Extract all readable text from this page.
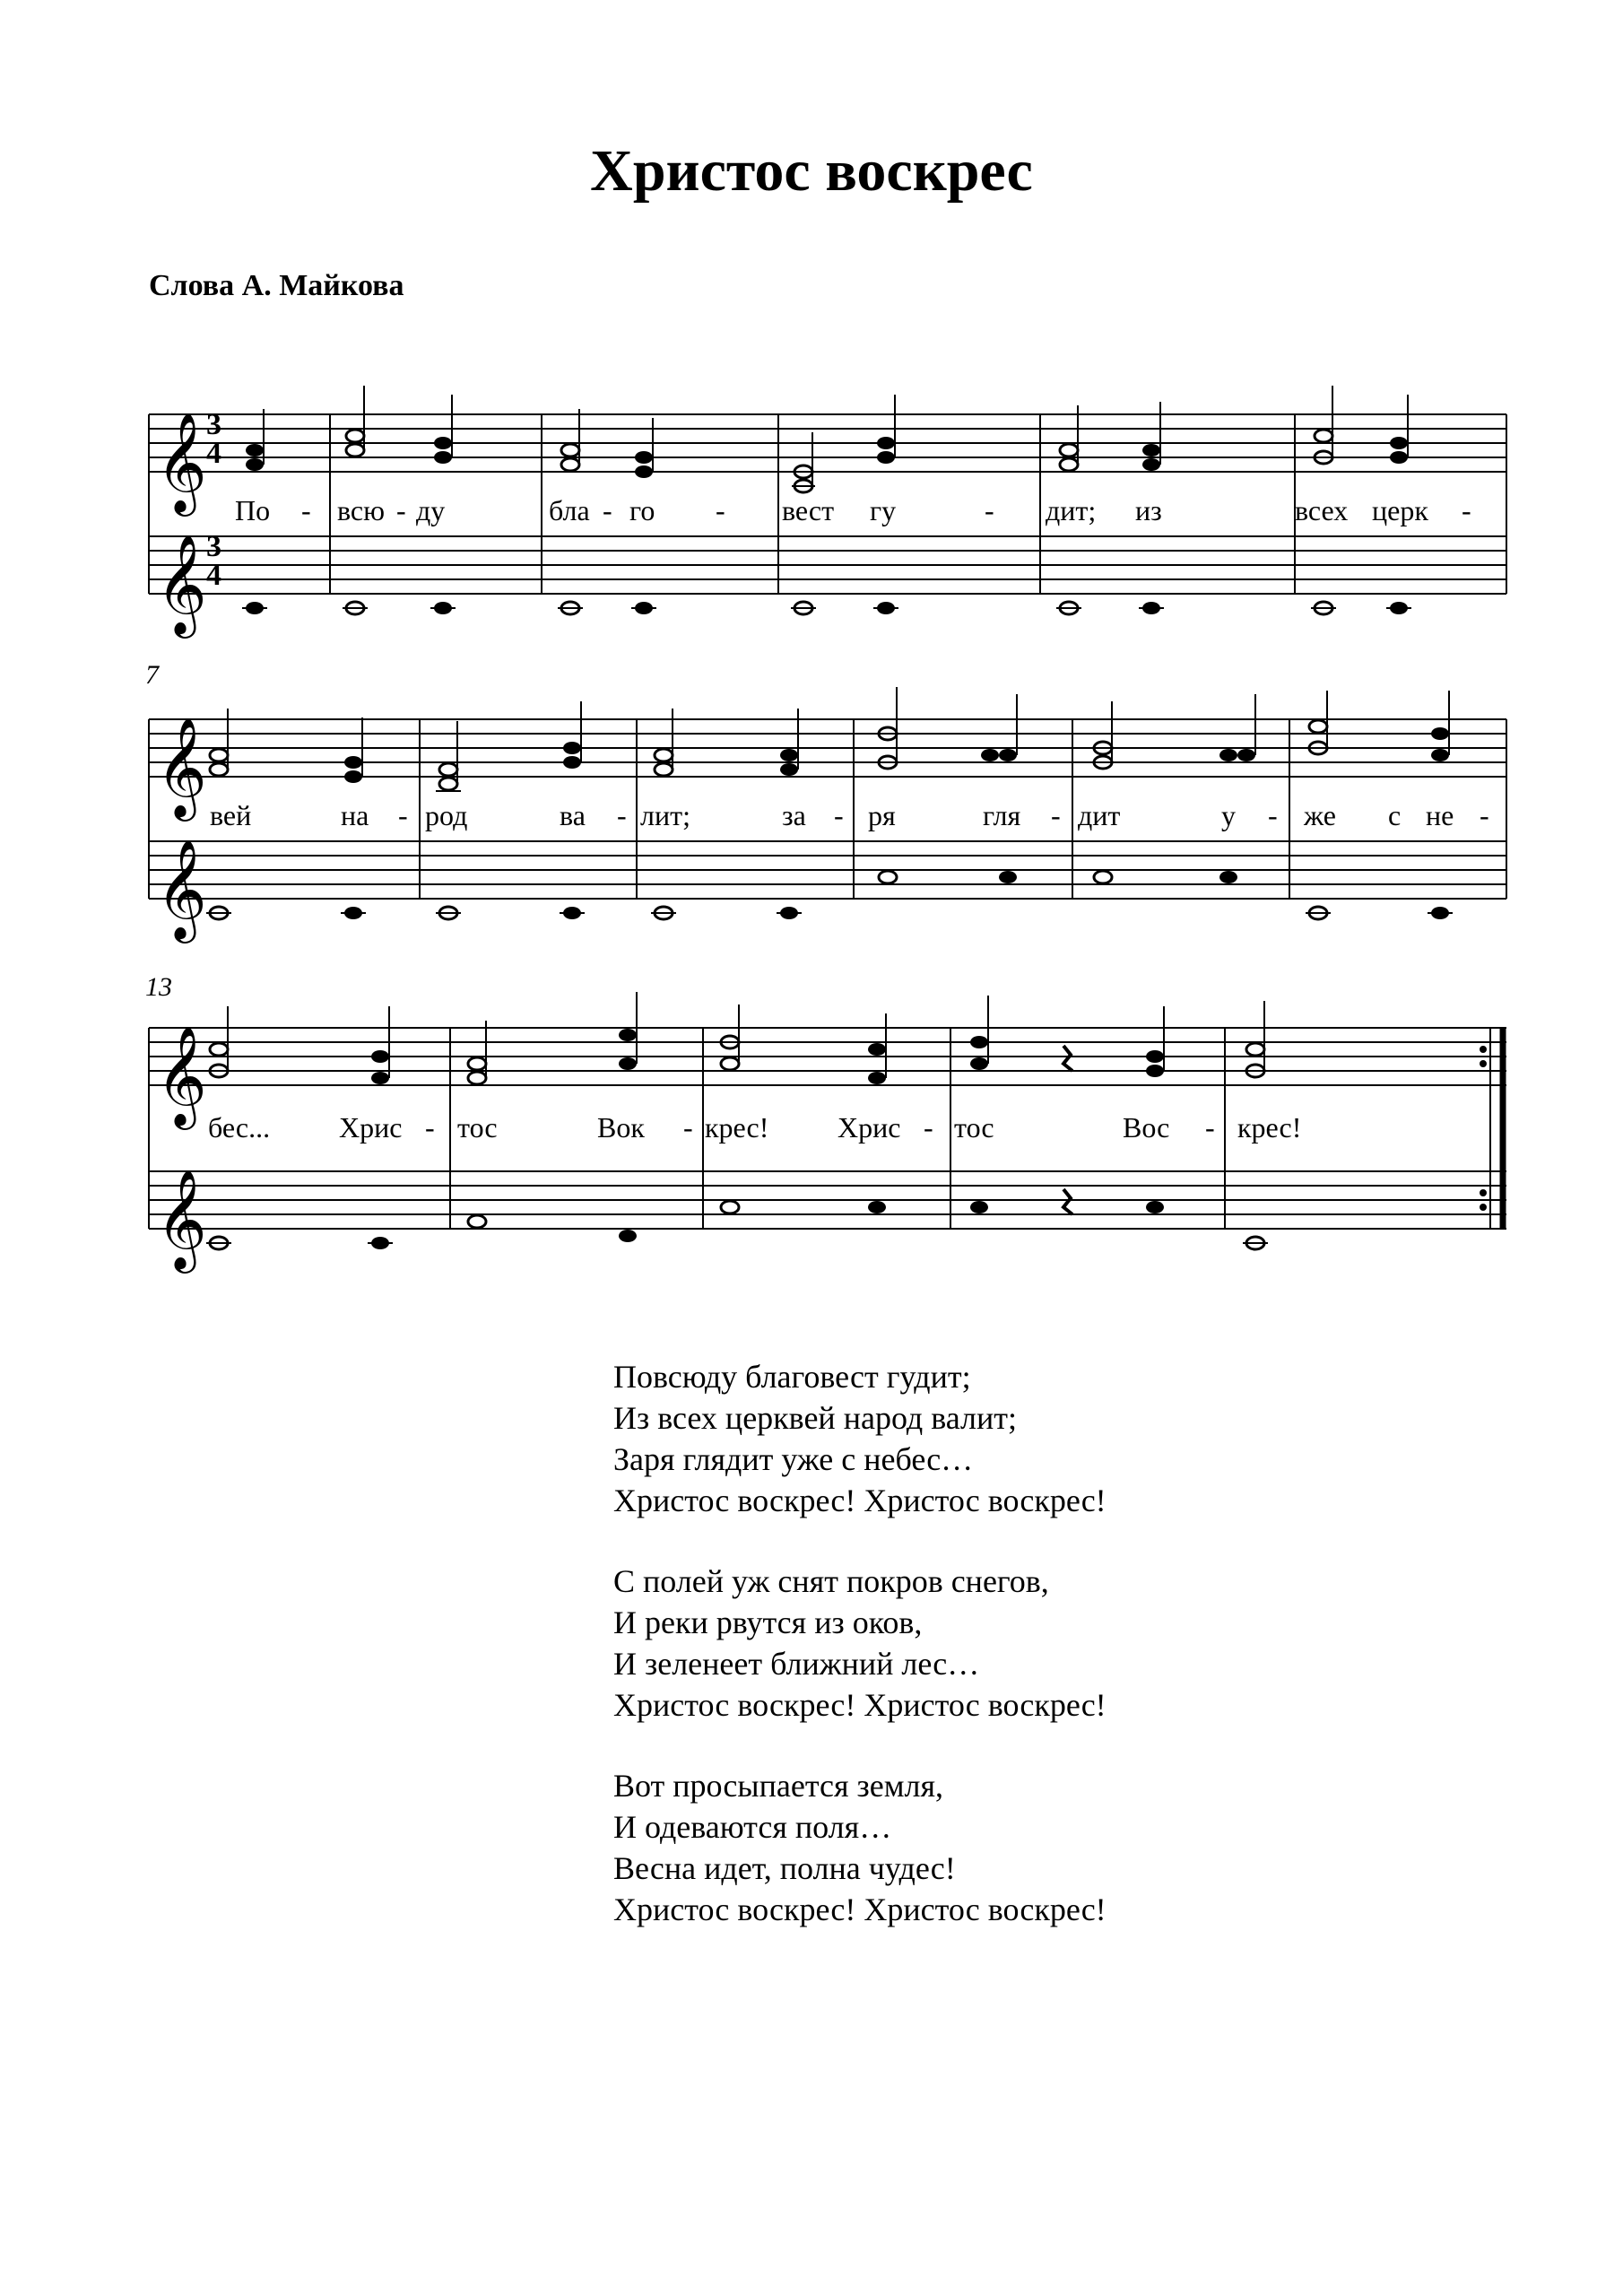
Христос воскрес
Слова А. Майкова
𝄞
𝄞
3
4
3
4
По - всю - ду	бла - го - вест гу	- дит; из	всех церк -
7
𝄞
𝄞
вей	на - род	ва - лит;	за - ря	гля - дит	у - же с не -
13
𝄞
𝄞
бес... Хрис - тос	Вок - крес! Хрис - тос	Вос - крес!
Повсюду благовест гудит;
Из всех церквей народ валит;
Заря глядит уже с небес…
Христос воскрес! Христос воскрес!
С полей уж снят покров снегов,
И реки рвутся из оков,
И зеленеет ближний лес…
Христос воскрес! Христос воскрес!
Вот просыпается земля,
И одеваются поля…
Весна идет, полна чудес!
Христос воскрес! Христос воскрес!
